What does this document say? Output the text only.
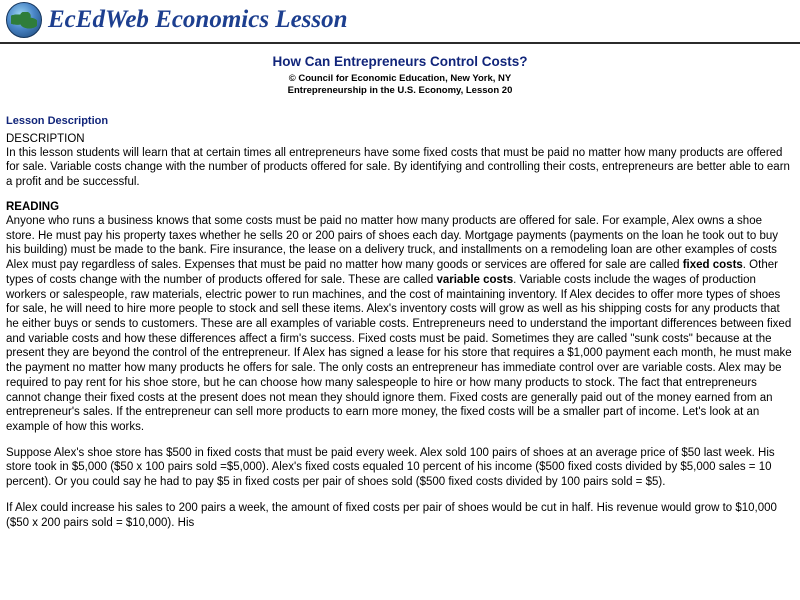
EcEdWeb Economics Lesson
How Can Entrepreneurs Control Costs?
© Council for Economic Education, New York, NY
Entrepreneurship in the U.S. Economy, Lesson 20
Lesson Description
DESCRIPTION

In this lesson students will learn that at certain times all entrepreneurs have some fixed costs that must be paid no matter how many products are offered for sale. Variable costs change with the number of products offered for sale. By identifying and controlling their costs, entrepreneurs are better able to earn a profit and be successful.

READING

Anyone who runs a business knows that some costs must be paid no matter how many products are offered for sale. For example, Alex owns a shoe store. He must pay his property taxes whether he sells 20 or 200 pairs of shoes each day. Mortgage payments (payments on the loan he took out to buy his building) must be made to the bank. Fire insurance, the lease on a delivery truck, and installments on a remodeling loan are other examples of costs Alex must pay regardless of sales. Expenses that must be paid no matter how many goods or services are offered for sale are called fixed costs. Other types of costs change with the number of products offered for sale. These are called variable costs. Variable costs include the wages of production workers or salespeople, raw materials, electric power to run machines, and the cost of maintaining inventory. If Alex decides to offer more types of shoes for sale, he will need to hire more people to stock and sell these items. Alex's inventory costs will grow as well as his shipping costs for any products that he either buys or sends to customers. These are all examples of variable costs. Entrepreneurs need to understand the important differences between fixed and variable costs and how these differences affect a firm's success. Fixed costs must be paid. Sometimes they are called "sunk costs" because at the present they are beyond the control of the entrepreneur. If Alex has signed a lease for his store that requires a $1,000 payment each month, he must make the payment no matter how many products he offers for sale. The only costs an entrepreneur has immediate control over are variable costs. Alex may be required to pay rent for his shoe store, but he can choose how many salespeople to hire or how many products to stock. The fact that entrepreneurs cannot change their fixed costs at the present does not mean they should ignore them. Fixed costs are generally paid out of the money earned from an entrepreneur's sales. If the entrepreneur can sell more products to earn more money, the fixed costs will be a smaller part of income. Let's look at an example of how this works.

Suppose Alex's shoe store has $500 in fixed costs that must be paid every week. Alex sold 100 pairs of shoes at an average price of $50 last week. His store took in $5,000 ($50 x 100 pairs sold =$5,000). Alex's fixed costs equaled 10 percent of his income ($500 fixed costs divided by $5,000 sales = 10 percent). Or you could say he had to pay $5 in fixed costs per pair of shoes sold ($500 fixed costs divided by 100 pairs sold = $5).

If Alex could increase his sales to 200 pairs a week, the amount of fixed costs per pair of shoes would be cut in half. His revenue would grow to $10,000 ($50 x 200 pairs sold = $10,000). His
